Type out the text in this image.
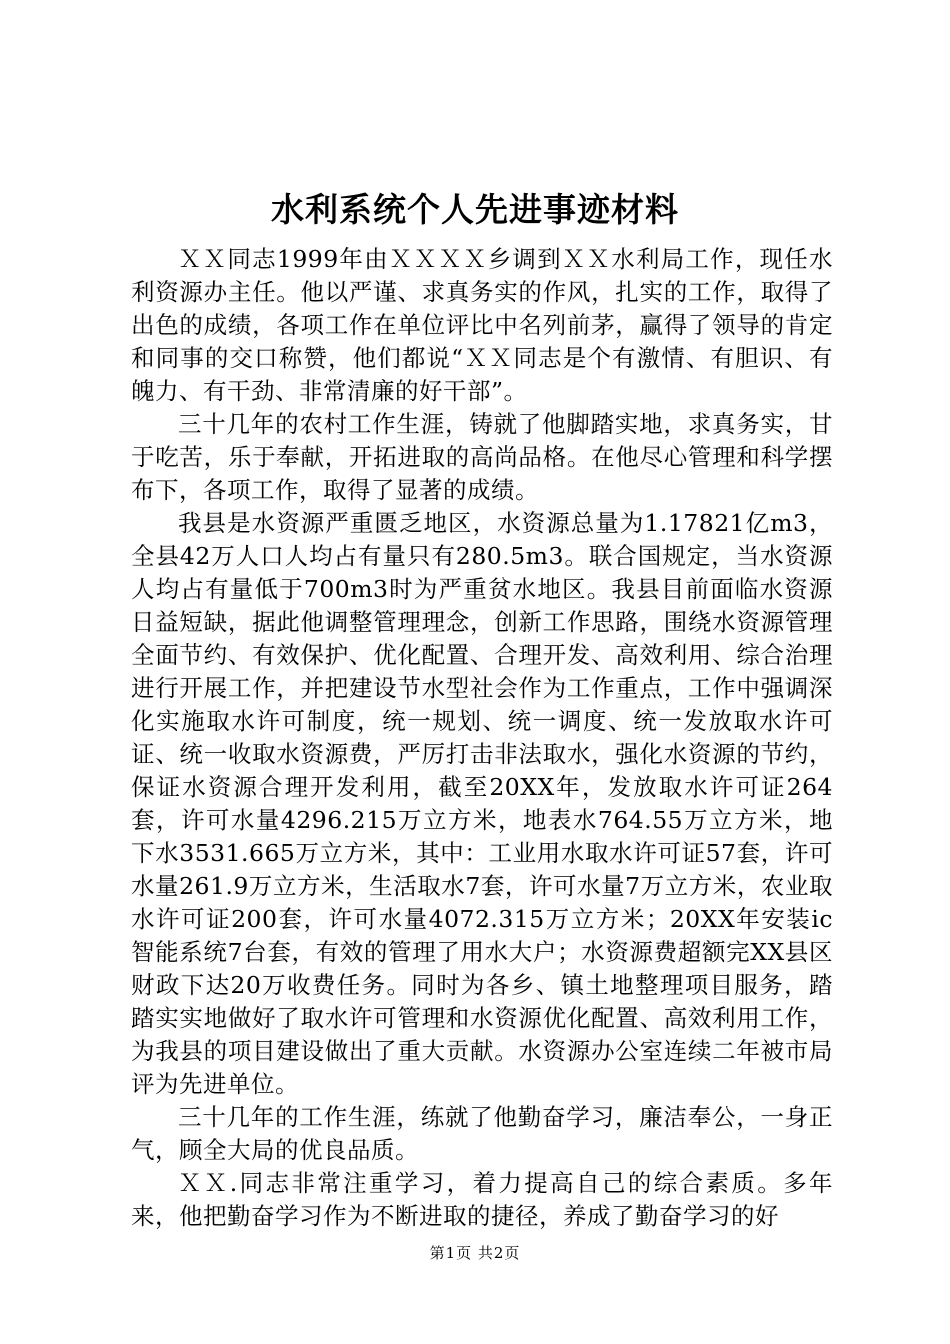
水利系统个人先进事迹材料

ＸＸ同志1999年由ＸＸＸＸ乡调到ＸＸ水利局工作，现任水利资源办主任。他以严谨、求真务实的作风，扎实的工作，取得了出色的成绩，各项工作在单位评比中名列前茅，赢得了领导的肯定和同事的交口称赞，他们都说“ＸＸ同志是个有激情、有胆识、有魄力、有干劲、非常清廉的好干部”。

三十几年的农村工作生涯，铸就了他脚踏实地，求真务实，甘于吃苦，乐于奉献，开拓进取的高尚品格。在他尽心管理和科学摆布下，各项工作，取得了显著的成绩。

我县是水资源严重匮乏地区，水资源总量为1.17821亿m3，全县42万人口人均占有量只有280.5m3。联合国规定，当水资源人均占有量低于700m3时为严重贫水地区。我县目前面临水资源日益短缺，据此他调整管理理念，创新工作思路，围绕水资源管理全面节约、有效保护、优化配置、合理开发、高效利用、综合治理进行开展工作，并把建设节水型社会作为工作重点，工作中强调深化实施取水许可制度，统一规划、统一调度、统一发放取水许可证、统一收取水资源费，严厉打击非法取水，强化水资源的节约，保证水资源合理开发利用，截至20XX年，发放取水许可证264套，许可水量4296.215万立方米，地表水764.55万立方米，地下水3531.665万立方米，其中：工业用水取水许可证57套，许可水量261.9万立方米，生活取水7套，许可水量7万立方米，农业取水许可证200套，许可水量4072.315万立方米；20XX年安装ic智能系统7台套，有效的管理了用水大户；水资源费超额完XX县区财政下达20万收费任务。同时为各乡、镇土地整理项目服务，踏踏实实地做好了取水许可管理和水资源优化配置、高效利用工作，为我县的项目建设做出了重大贡献。水资源办公室连续二年被市局评为先进单位。

三十几年的工作生涯，练就了他勤奋学习，廉洁奉公，一身正气，顾全大局的优良品质。

ＸＸ.同志非常注重学习，着力提高自己的综合素质。多年来，他把勤奋学习作为不断进取的捷径，养成了勤奋学习的好

第1页 共2页
